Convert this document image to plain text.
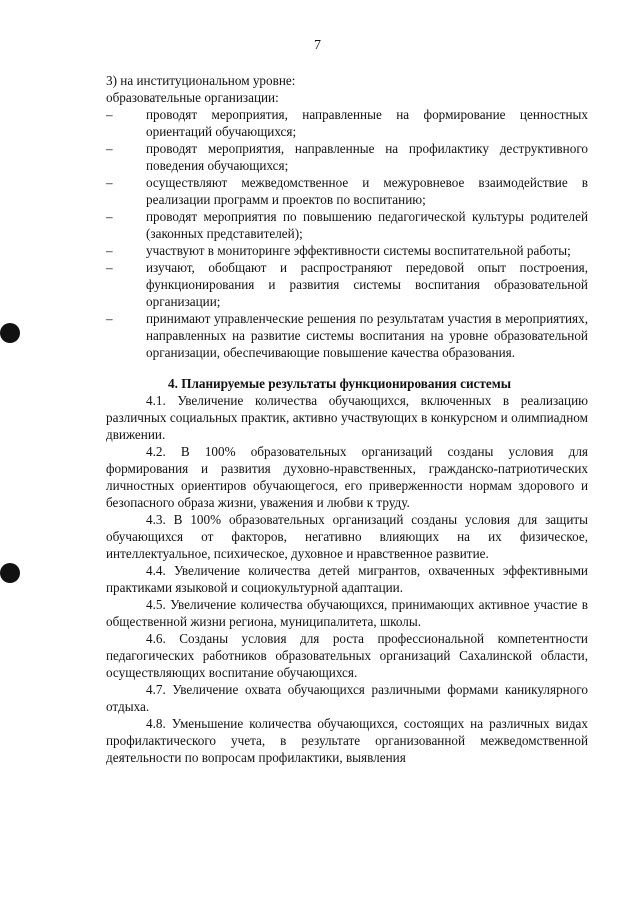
7

3) на институциональном уровне:

образовательные организации:

–	проводят мероприятия, направленные на формирование ценностных ориентаций обучающихся;
–	проводят мероприятия, направленные на профилактику деструктивного поведения обучающихся;
–	осуществляют межведомственное и межуровневое взаимодействие в реализации программ и проектов по воспитанию;
–	проводят мероприятия по повышению педагогической культуры родителей (законных представителей);
–	участвуют в мониторинге эффективности системы воспитательной работы;
–	изучают, обобщают и распространяют передовой опыт построения, функционирования и развития системы воспитания образовательной организации;
–	принимают управленческие решения по результатам участия в мероприятиях, направленных на развитие системы воспитания на уровне образовательной организации, обеспечивающие повышение качества образования.

4. Планируемые результаты функционирования системы

4.1. Увеличение количества обучающихся, включенных в реализацию различных социальных практик, активно участвующих в конкурсном и олимпиадном движении.

4.2. В 100% образовательных организаций созданы условия для формирования и развития духовно-нравственных, гражданско-патриотических личностных ориентиров обучающегося, его приверженности нормам здорового и безопасного образа жизни, уважения и любви к труду.

4.3. В 100% образовательных организаций созданы условия для защиты обучающихся от факторов, негативно влияющих на их физическое, интеллектуальное, психическое, духовное и нравственное развитие.

4.4. Увеличение количества детей мигрантов, охваченных эффективными практиками языковой и социокультурной адаптации.

4.5. Увеличение количества обучающихся, принимающих активное участие в общественной жизни региона, муниципалитета, школы.

4.6. Созданы условия для роста профессиональной компетентности педагогических работников образовательных организаций Сахалинской области, осуществляющих воспитание обучающихся.

4.7. Увеличение охвата обучающихся различными формами каникулярного отдыха.

4.8. Уменьшение количества обучающихся, состоящих на различных видах профилактического учета, в результате организованной межведомственной деятельности по вопросам профилактики, выявления
